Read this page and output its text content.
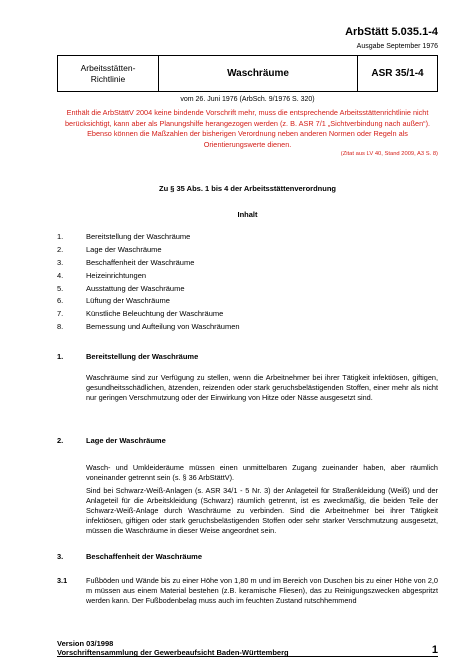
ArbStätt 5.035.1-4
Ausgabe September 1976
Arbeitsstätten-
Richtlinie	Waschräume	ASR 35/1-4
vom 26. Juni 1976 (ArbSch. 9/1976 S. 320)
Enthält die ArbStättV 2004 keine bindende Vorschrift mehr, muss die entsprechende Arbeitsstättenrichtlinie nicht berücksichtigt, kann aber als Planungshilfe herangezogen werden (z. B. ASR 7/1 „Sichtverbindung nach außen“). Ebenso können die Maßzahlen der bisherigen Verordnung neben anderen Normen oder Regeln als Orientierungswerte dienen.
(Zitat aus LV 40, Stand 2009, A3 S. 8)
Zu § 35 Abs. 1 bis 4 der Arbeitsstättenverordnung
Inhalt
1.	Bereitstellung der Waschräume
2.	Lage der Waschräume
3.	Beschaffenheit der Waschräume
4.	Heizeinrichtungen
5.	Ausstattung der Waschräume
6.	Lüftung der Waschräume
7.	Künstliche Beleuchtung der Waschräume
8.	Bemessung und Aufteilung von Waschräumen
1.	Bereitstellung der Waschräume

Waschräume sind zur Verfügung zu stellen, wenn die Arbeitnehmer bei ihrer Tätigkeit infektiösen, giftigen, gesundheitsschädlichen, ätzenden, reizenden oder stark geruchsbelästigenden Stoffen, einer mehr als nicht nur geringen Verschmutzung oder der Einwirkung von Hitze oder Nässe ausgesetzt sind.

2.	Lage der Waschräume

Wasch- und Umkleideräume müssen einen unmittelbaren Zugang zueinander haben, aber räumlich voneinander getrennt sein (s. § 36 ArbStättV).

Sind bei Schwarz-Weiß-Anlagen (s. ASR 34/1 - 5 Nr. 3) der Anlageteil für Straßenkleidung (Weiß) und der Anlageteil für die Arbeitskleidung (Schwarz) räumlich getrennt, ist es zweckmäßig, die beiden Teile der Schwarz-Weiß-Anlage durch Waschräume zu verbinden. Sind die Arbeitnehmer bei ihrer Tätigkeit infektiösen, giftigen oder stark geruchsbelästigenden Stoffen oder sehr starker Verschmutzung ausgesetzt, müssen die Waschräume in dieser Weise angeordnet sein.

3.	Beschaffenheit der Waschräume
3.1	Fußböden und Wände bis zu einer Höhe von 1,80 m und im Bereich von Duschen bis zu einer Höhe von 2,0 m müssen aus einem Material bestehen (z.B. keramische Fliesen), das zu Reinigungszwecken abgespritzt werden kann. Der Fußbodenbelag muss auch im feuchten Zustand rutschhemmend

Version 03/1998
Vorschriftensammlung der Gewerbeaufsicht Baden-Württemberg	1
